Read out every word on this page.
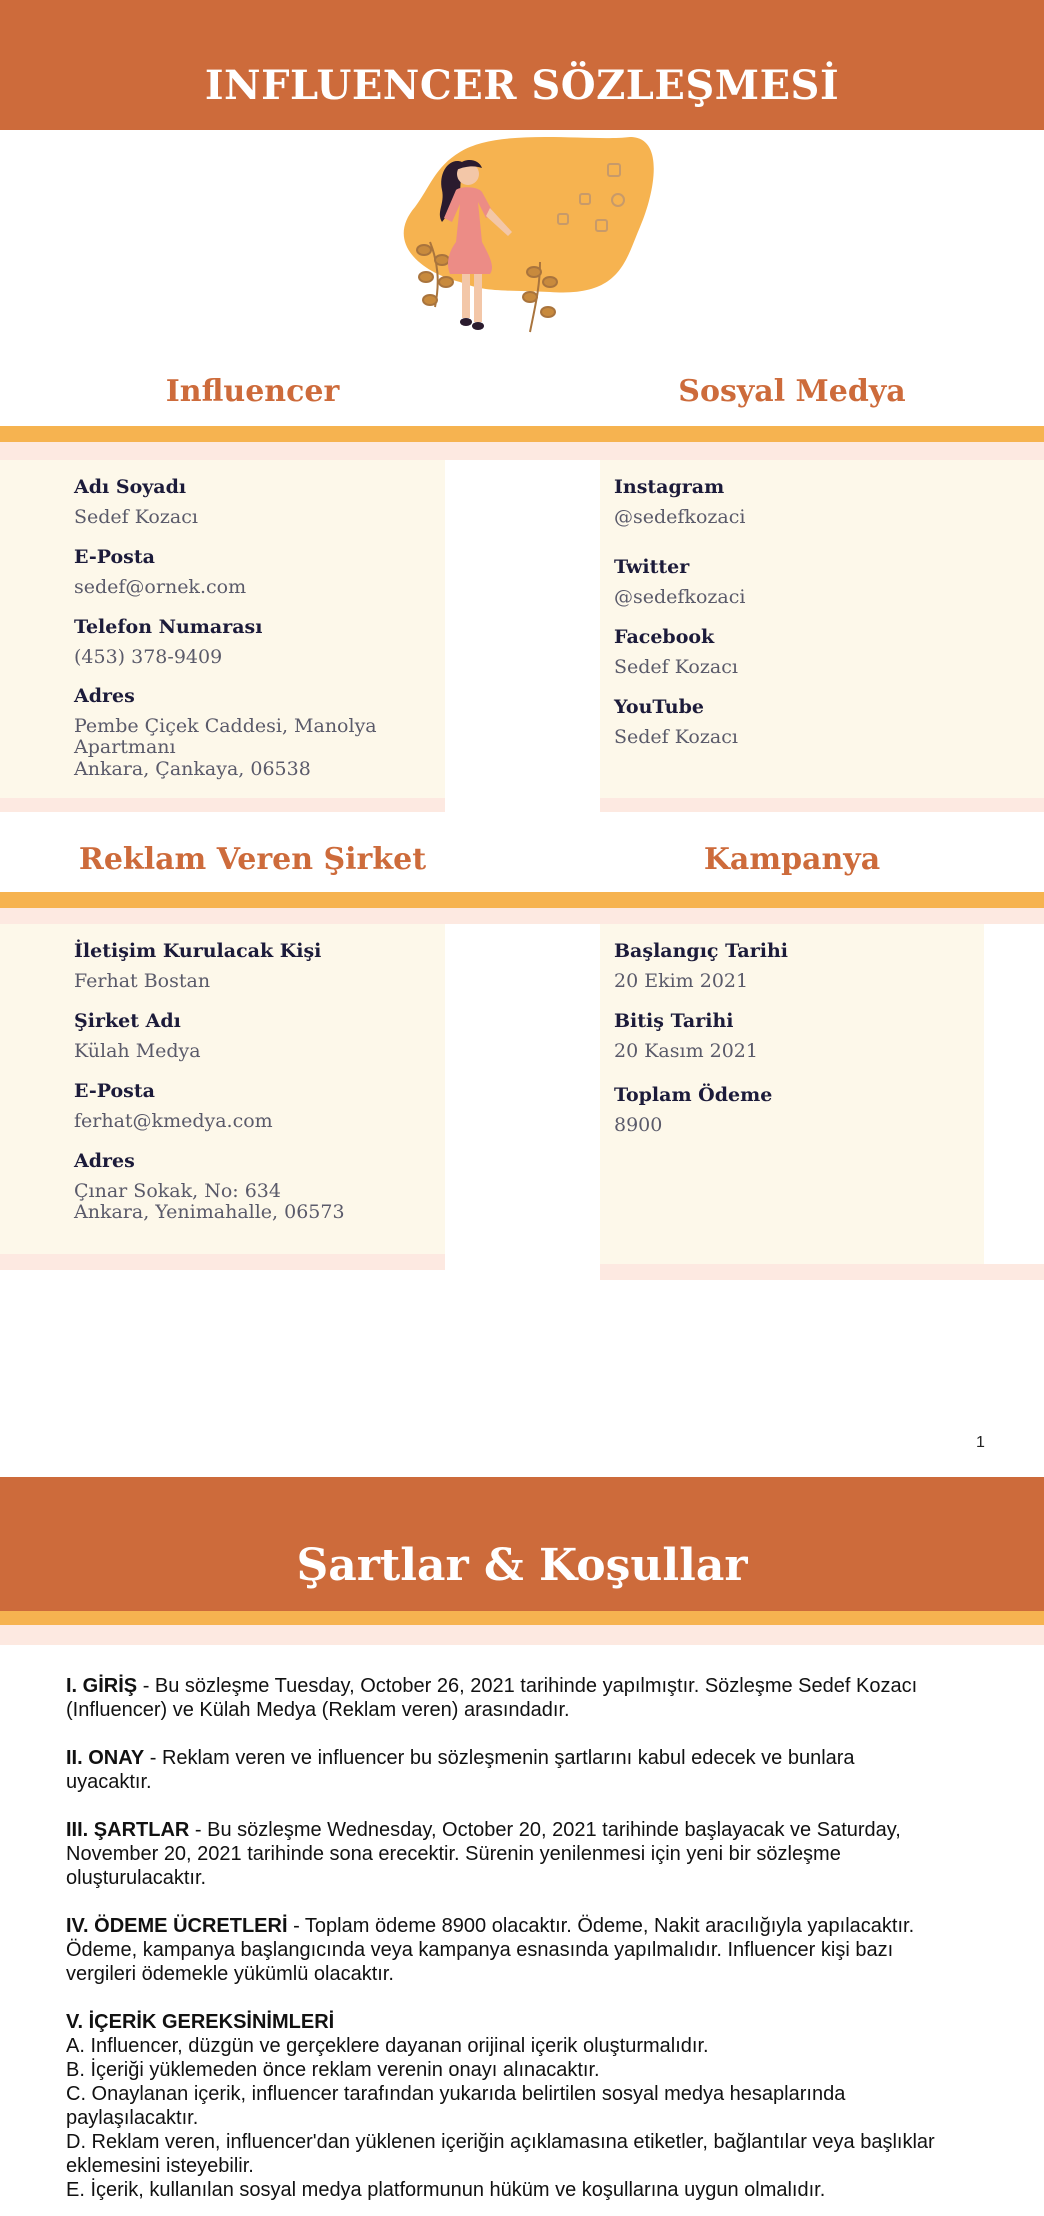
INFLUENCER SÖZLEŞMESİ
Influencer	Sosyal Medya
Adı Soyadı
Sedef Kozacı
E-Posta
sedef@ornek.com
Telefon Numarası
(453) 378-9409
Adres
Pembe Çiçek Caddesi, Manolya
Apartmanı
Ankara, Çankaya, 06538
Instagram
@sedefkozaci
Twitter
@sedefkozaci
Facebook
Sedef Kozacı
YouTube
Sedef Kozacı
Reklam Veren Şirket	Kampanya
İletişim Kurulacak Kişi
Ferhat Bostan
Şirket Adı
Külah Medya
E-Posta
ferhat@kmedya.com
Adres
Çınar Sokak, No: 634
Ankara, Yenimahalle, 06573
Başlangıç Tarihi
20 Ekim 2021
Bitiş Tarihi
20 Kasım 2021
Toplam Ödeme
8900
1
Şartlar & Koşullar
I. GİRİŞ - Bu sözleşme Tuesday, October 26, 2021 tarihinde yapılmıştır. Sözleşme Sedef Kozacı
(Influencer) ve Külah Medya (Reklam veren) arasındadır.
II. ONAY - Reklam veren ve influencer bu sözleşmenin şartlarını kabul edecek ve bunlara
uyacaktır.
III. ŞARTLAR - Bu sözleşme Wednesday, October 20, 2021 tarihinde başlayacak ve Saturday,
November 20, 2021 tarihinde sona erecektir. Sürenin yenilenmesi için yeni bir sözleşme
oluşturulacaktır.
IV. ÖDEME ÜCRETLERİ - Toplam ödeme 8900 olacaktır. Ödeme, Nakit aracılığıyla yapılacaktır.
Ödeme, kampanya başlangıcında veya kampanya esnasında yapılmalıdır. Influencer kişi bazı
vergileri ödemekle yükümlü olacaktır.
V. İÇERİK GEREKSİNİMLERİ
A. Influencer, düzgün ve gerçeklere dayanan orijinal içerik oluşturmalıdır.
B. İçeriği yüklemeden önce reklam verenin onayı alınacaktır.
C. Onaylanan içerik, influencer tarafından yukarıda belirtilen sosyal medya hesaplarında
paylaşılacaktır.
D. Reklam veren, influencer'dan yüklenen içeriğin açıklamasına etiketler, bağlantılar veya başlıklar
eklemesini isteyebilir.
E. İçerik, kullanılan sosyal medya platformunun hüküm ve koşullarına uygun olmalıdır.
